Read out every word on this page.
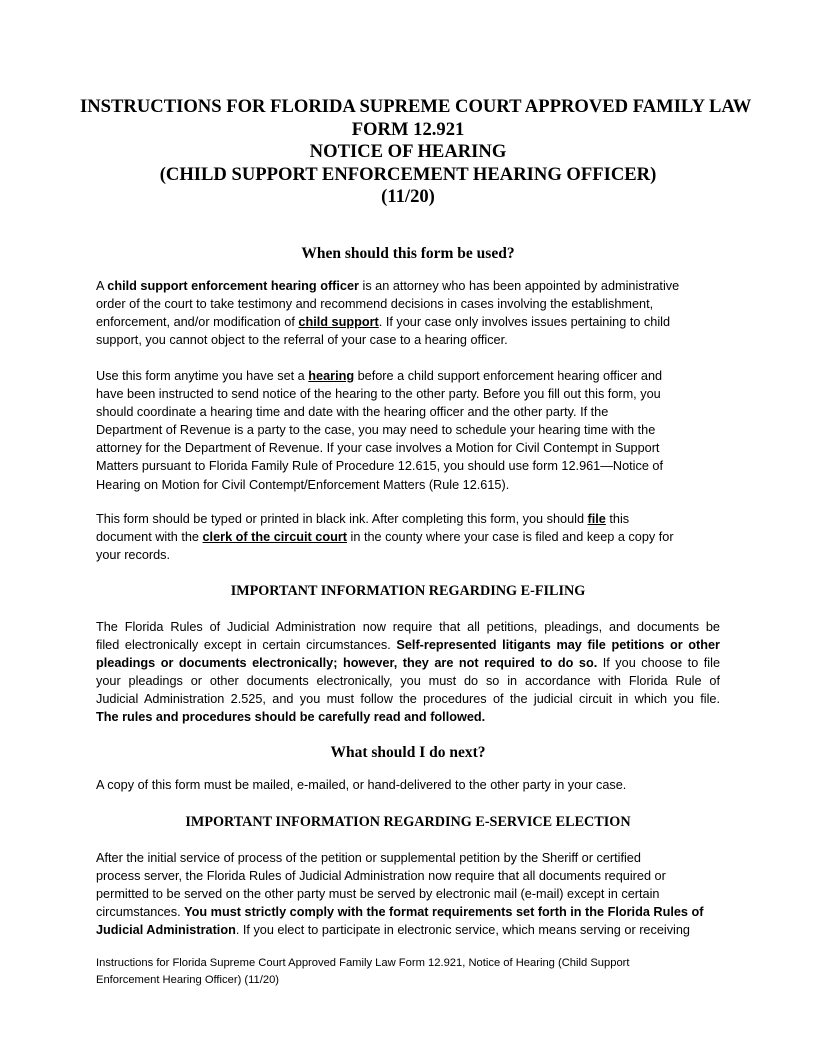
INSTRUCTIONS FOR FLORIDA SUPREME COURT APPROVED FAMILY LAW
FORM 12.921
NOTICE OF HEARING
(CHILD SUPPORT ENFORCEMENT HEARING OFFICER)
(11/20)
When should this form be used?
A child support enforcement hearing officer is an attorney who has been appointed by administrative
order of the court to take testimony and recommend decisions in cases involving the establishment,
enforcement, and/or modification of child support. If your case only involves issues pertaining to child
support, you cannot object to the referral of your case to a hearing officer.
Use this form anytime you have set a hearing before a child support enforcement hearing officer and
have been instructed to send notice of the hearing to the other party. Before you fill out this form, you
should coordinate a hearing time and date with the hearing officer and the other party. If the
Department of Revenue is a party to the case, you may need to schedule your hearing time with the
attorney for the Department of Revenue. If your case involves a Motion for Civil Contempt in Support
Matters pursuant to Florida Family Rule of Procedure 12.615, you should use form 12.961—Notice of
Hearing on Motion for Civil Contempt/Enforcement Matters (Rule 12.615).
This form should be typed or printed in black ink. After completing this form, you should file this
document with the clerk of the circuit court in the county where your case is filed and keep a copy for
your records.
IMPORTANT INFORMATION REGARDING E-FILING
The Florida Rules of Judicial Administration now require that all petitions, pleadings, and documents be
filed electronically except in certain circumstances. Self-represented litigants may file petitions or other
pleadings or documents electronically; however, they are not required to do so. If you choose to file
your pleadings or other documents electronically, you must do so in accordance with Florida Rule of
Judicial Administration 2.525, and you must follow the procedures of the judicial circuit in which you file.
The rules and procedures should be carefully read and followed.
What should I do next?
A copy of this form must be mailed, e-mailed, or hand-delivered to the other party in your case.
IMPORTANT INFORMATION REGARDING E-SERVICE ELECTION
After the initial service of process of the petition or supplemental petition by the Sheriff or certified
process server, the Florida Rules of Judicial Administration now require that all documents required or
permitted to be served on the other party must be served by electronic mail (e-mail) except in certain
circumstances. You must strictly comply with the format requirements set forth in the Florida Rules of
Judicial Administration. If you elect to participate in electronic service, which means serving or receiving
Instructions for Florida Supreme Court Approved Family Law Form 12.921, Notice of Hearing (Child Support
Enforcement Hearing Officer) (11/20)
